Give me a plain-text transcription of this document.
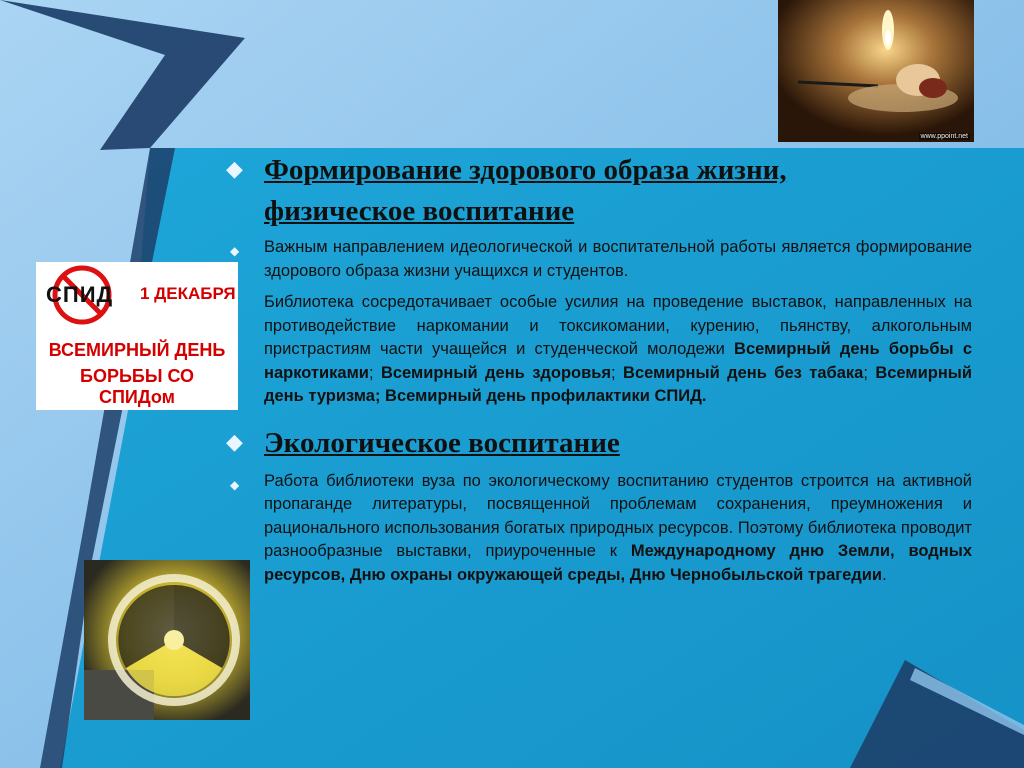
www.ppoint.net
СПИД 1 ДЕКАБРЯ
ВСЕМИРНЫЙ ДЕНЬ
БОРЬБЫ СО СПИДом
◆ Формирование здорового образа жизни,
физическое воспитание
◆ Важным направлением идеологической и воспитательной работы является формирование здорового образа жизни учащихся и студентов.
Библиотека сосредотачивает особые усилия на проведение выставок, направленных на противодействие наркомании и токсикомании, курению, пьянству, алкогольным пристрастиям части учащейся и студенческой молодежи Всемирный день борьбы с наркотиками; Всемирный день здоровья; Всемирный день без табака; Всемирный день туризма; Всемирный день профилактики СПИД.
◆ Экологическое воспитание
◆ Работа библиотеки вуза по экологическому воспитанию студентов строится на активной пропаганде литературы, посвященной проблемам сохранения, преумножения и рационального использования богатых природных ресурсов. Поэтому библиотека проводит разнообразные выставки, приуроченные к Международному дню Земли, водных ресурсов, Дню охраны окружающей среды, Дню Чернобыльской трагедии.
